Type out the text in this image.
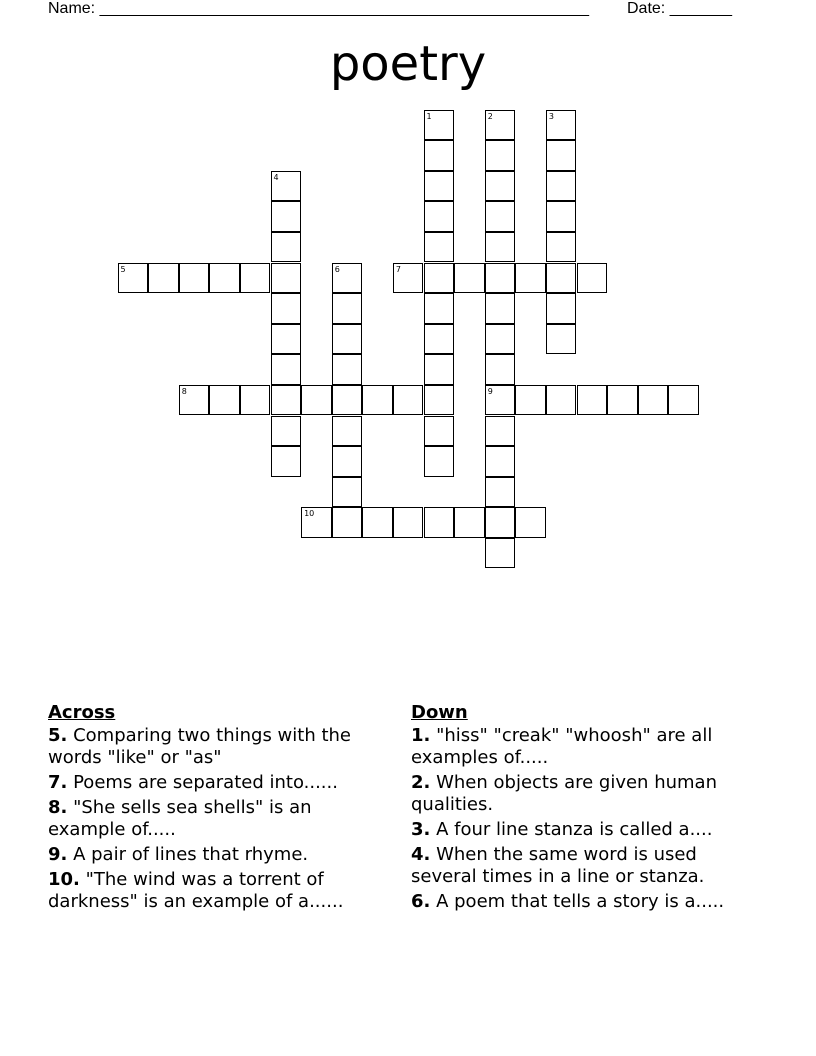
Name: _______________________________________________________ Date: _______
poetry
1	2
9
3
4
5	6	7
8
10
Across
5. Comparing two things with the words "like" or "as"
7. Poems are separated into......
8. "She sells sea shells" is an example of.....
9. A pair of lines that rhyme.
10. "The wind was a torrent of darkness" is an example of a......
Down
1. "hiss" "creak" "whoosh" are all examples of.....
2. When objects are given human qualities.
3. A four line stanza is called a....
4. When the same word is used several times in a line or stanza.
6. A poem that tells a story is a.....
